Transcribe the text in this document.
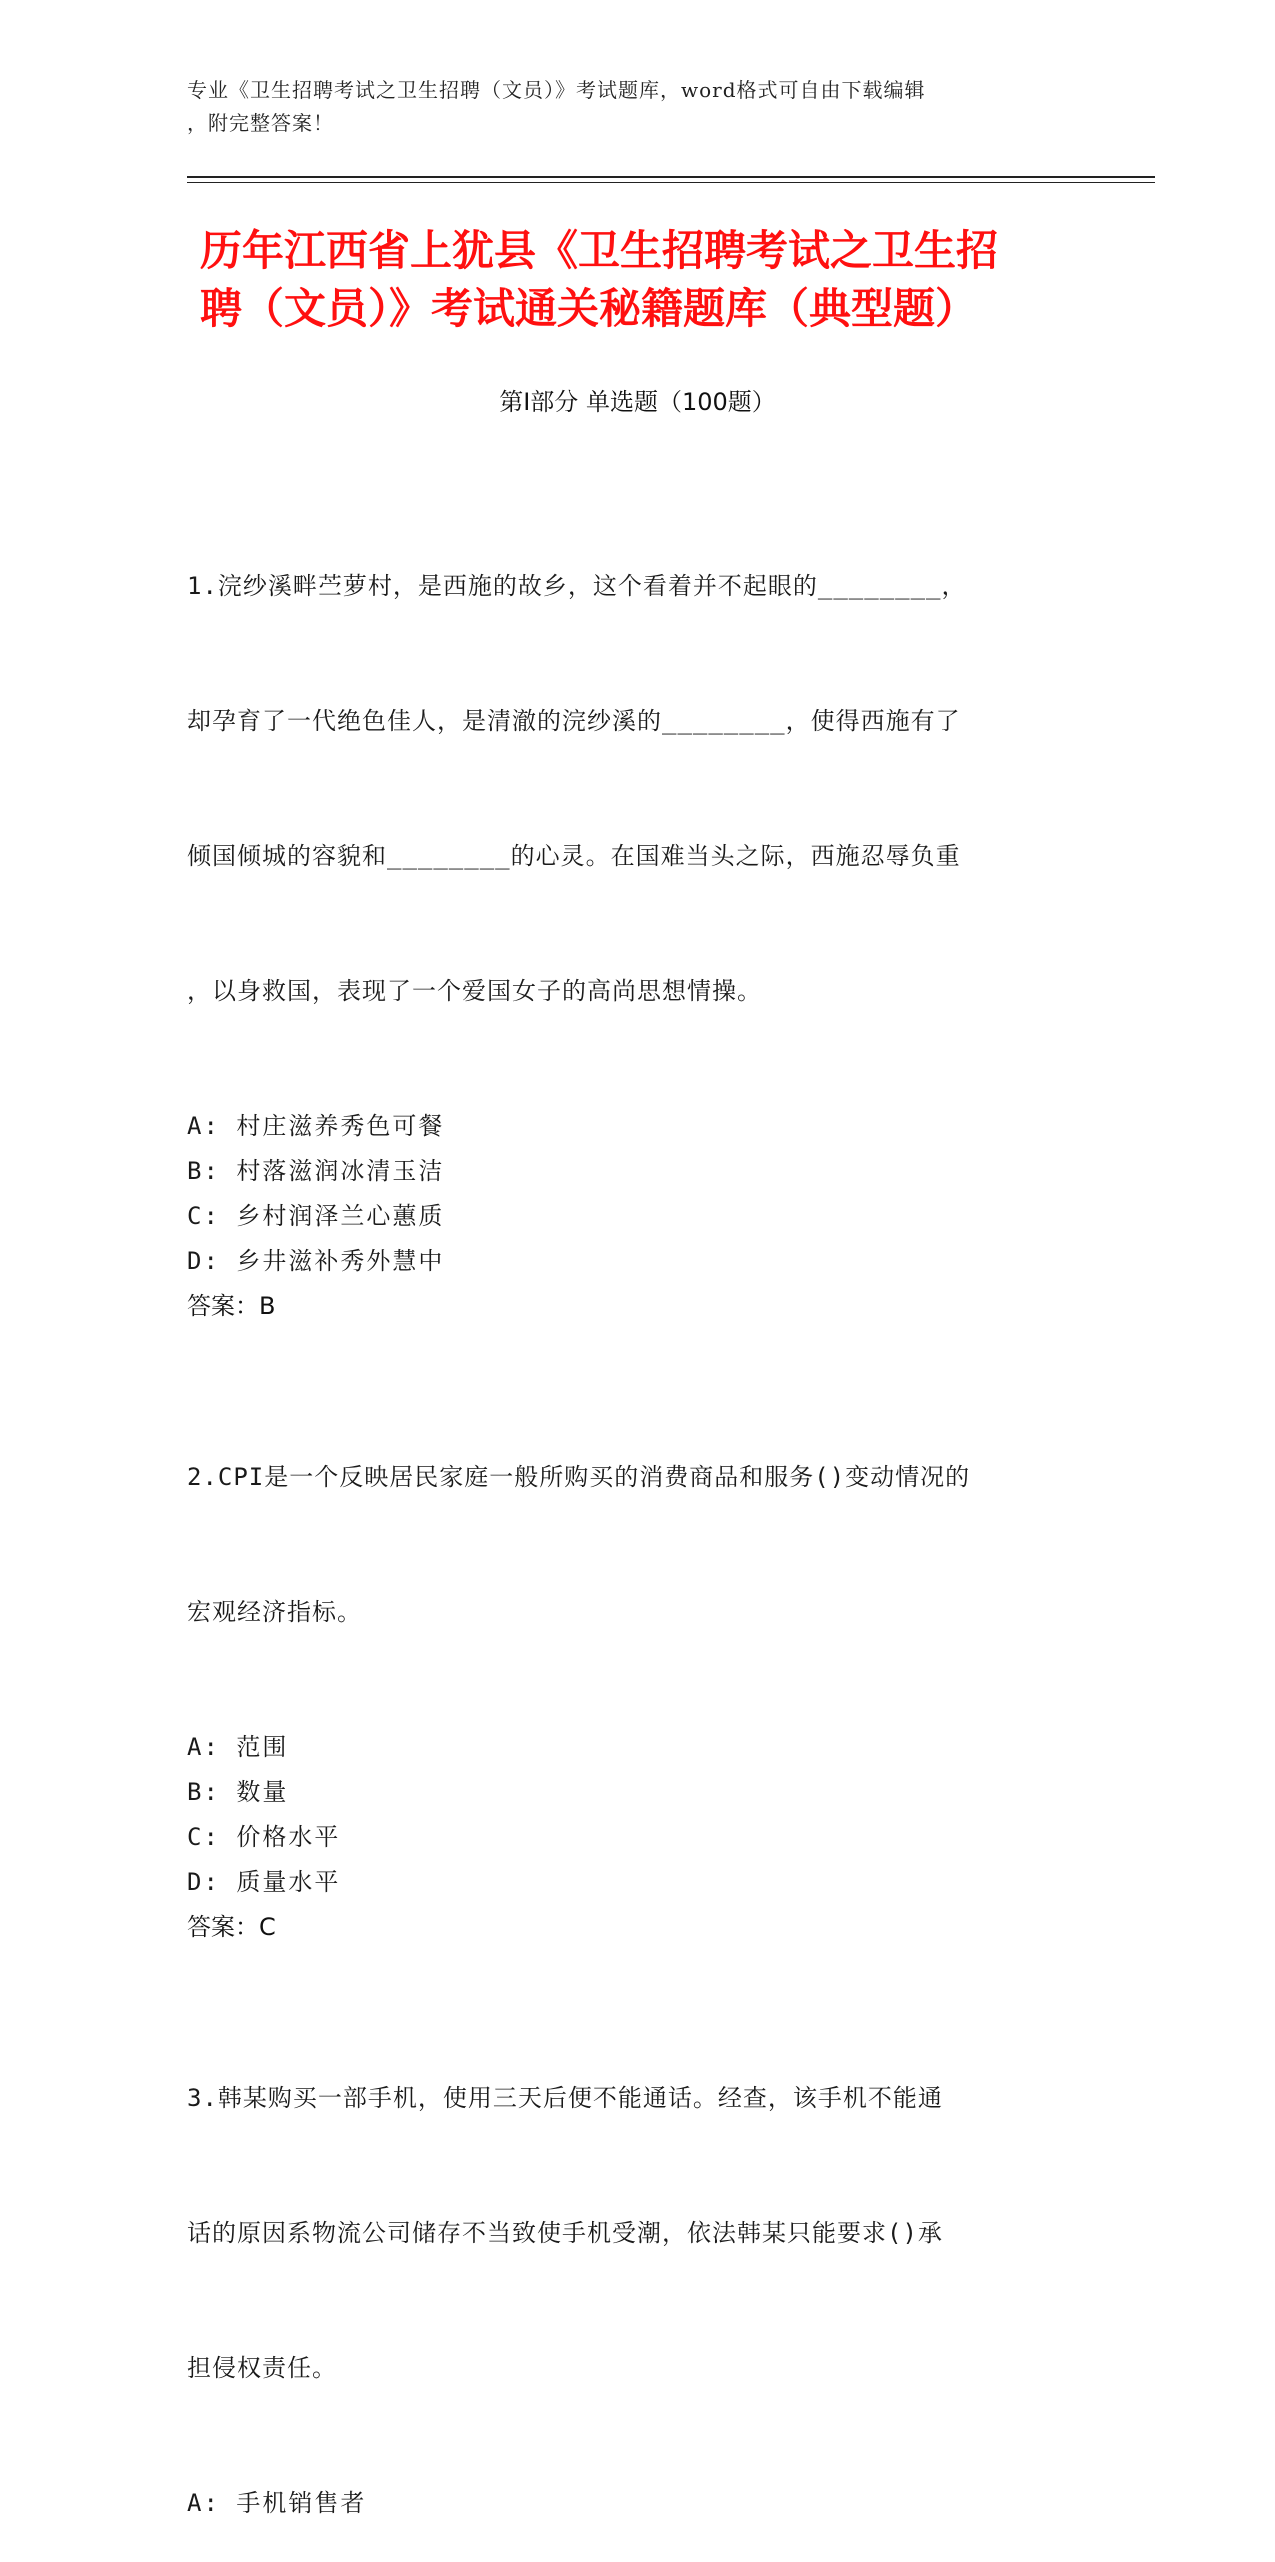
专业《卫生招聘考试之卫生招聘（文员）》考试题库，word格式可自由下载编辑
，附完整答案！
历年江西省上犹县《卫生招聘考试之卫生招
聘（文员）》考试通关秘籍题库（典型题）
第Ⅰ部分 单选题（100题）

1.浣纱溪畔苎萝村，是西施的故乡，这个看着并不起眼的________，

却孕育了一代绝色佳人，是清澈的浣纱溪的________，使得西施有了

倾国倾城的容貌和________的心灵。在国难当头之际，西施忍辱负重

，以身救国，表现了一个爱国女子的高尚思想情操。

A: 村庄滋养秀色可餐
B: 村落滋润冰清玉洁
C: 乡村润泽兰心蕙质
D: 乡井滋补秀外慧中
答案：B

2.CPI是一个反映居民家庭一般所购买的消费商品和服务()变动情况的

宏观经济指标。

A: 范围
B: 数量
C: 价格水平
D: 质量水平
答案：C

3.韩某购买一部手机，使用三天后便不能通话。经查，该手机不能通

话的原因系物流公司储存不当致使手机受潮，依法韩某只能要求()承

担侵权责任。

A: 手机销售者
